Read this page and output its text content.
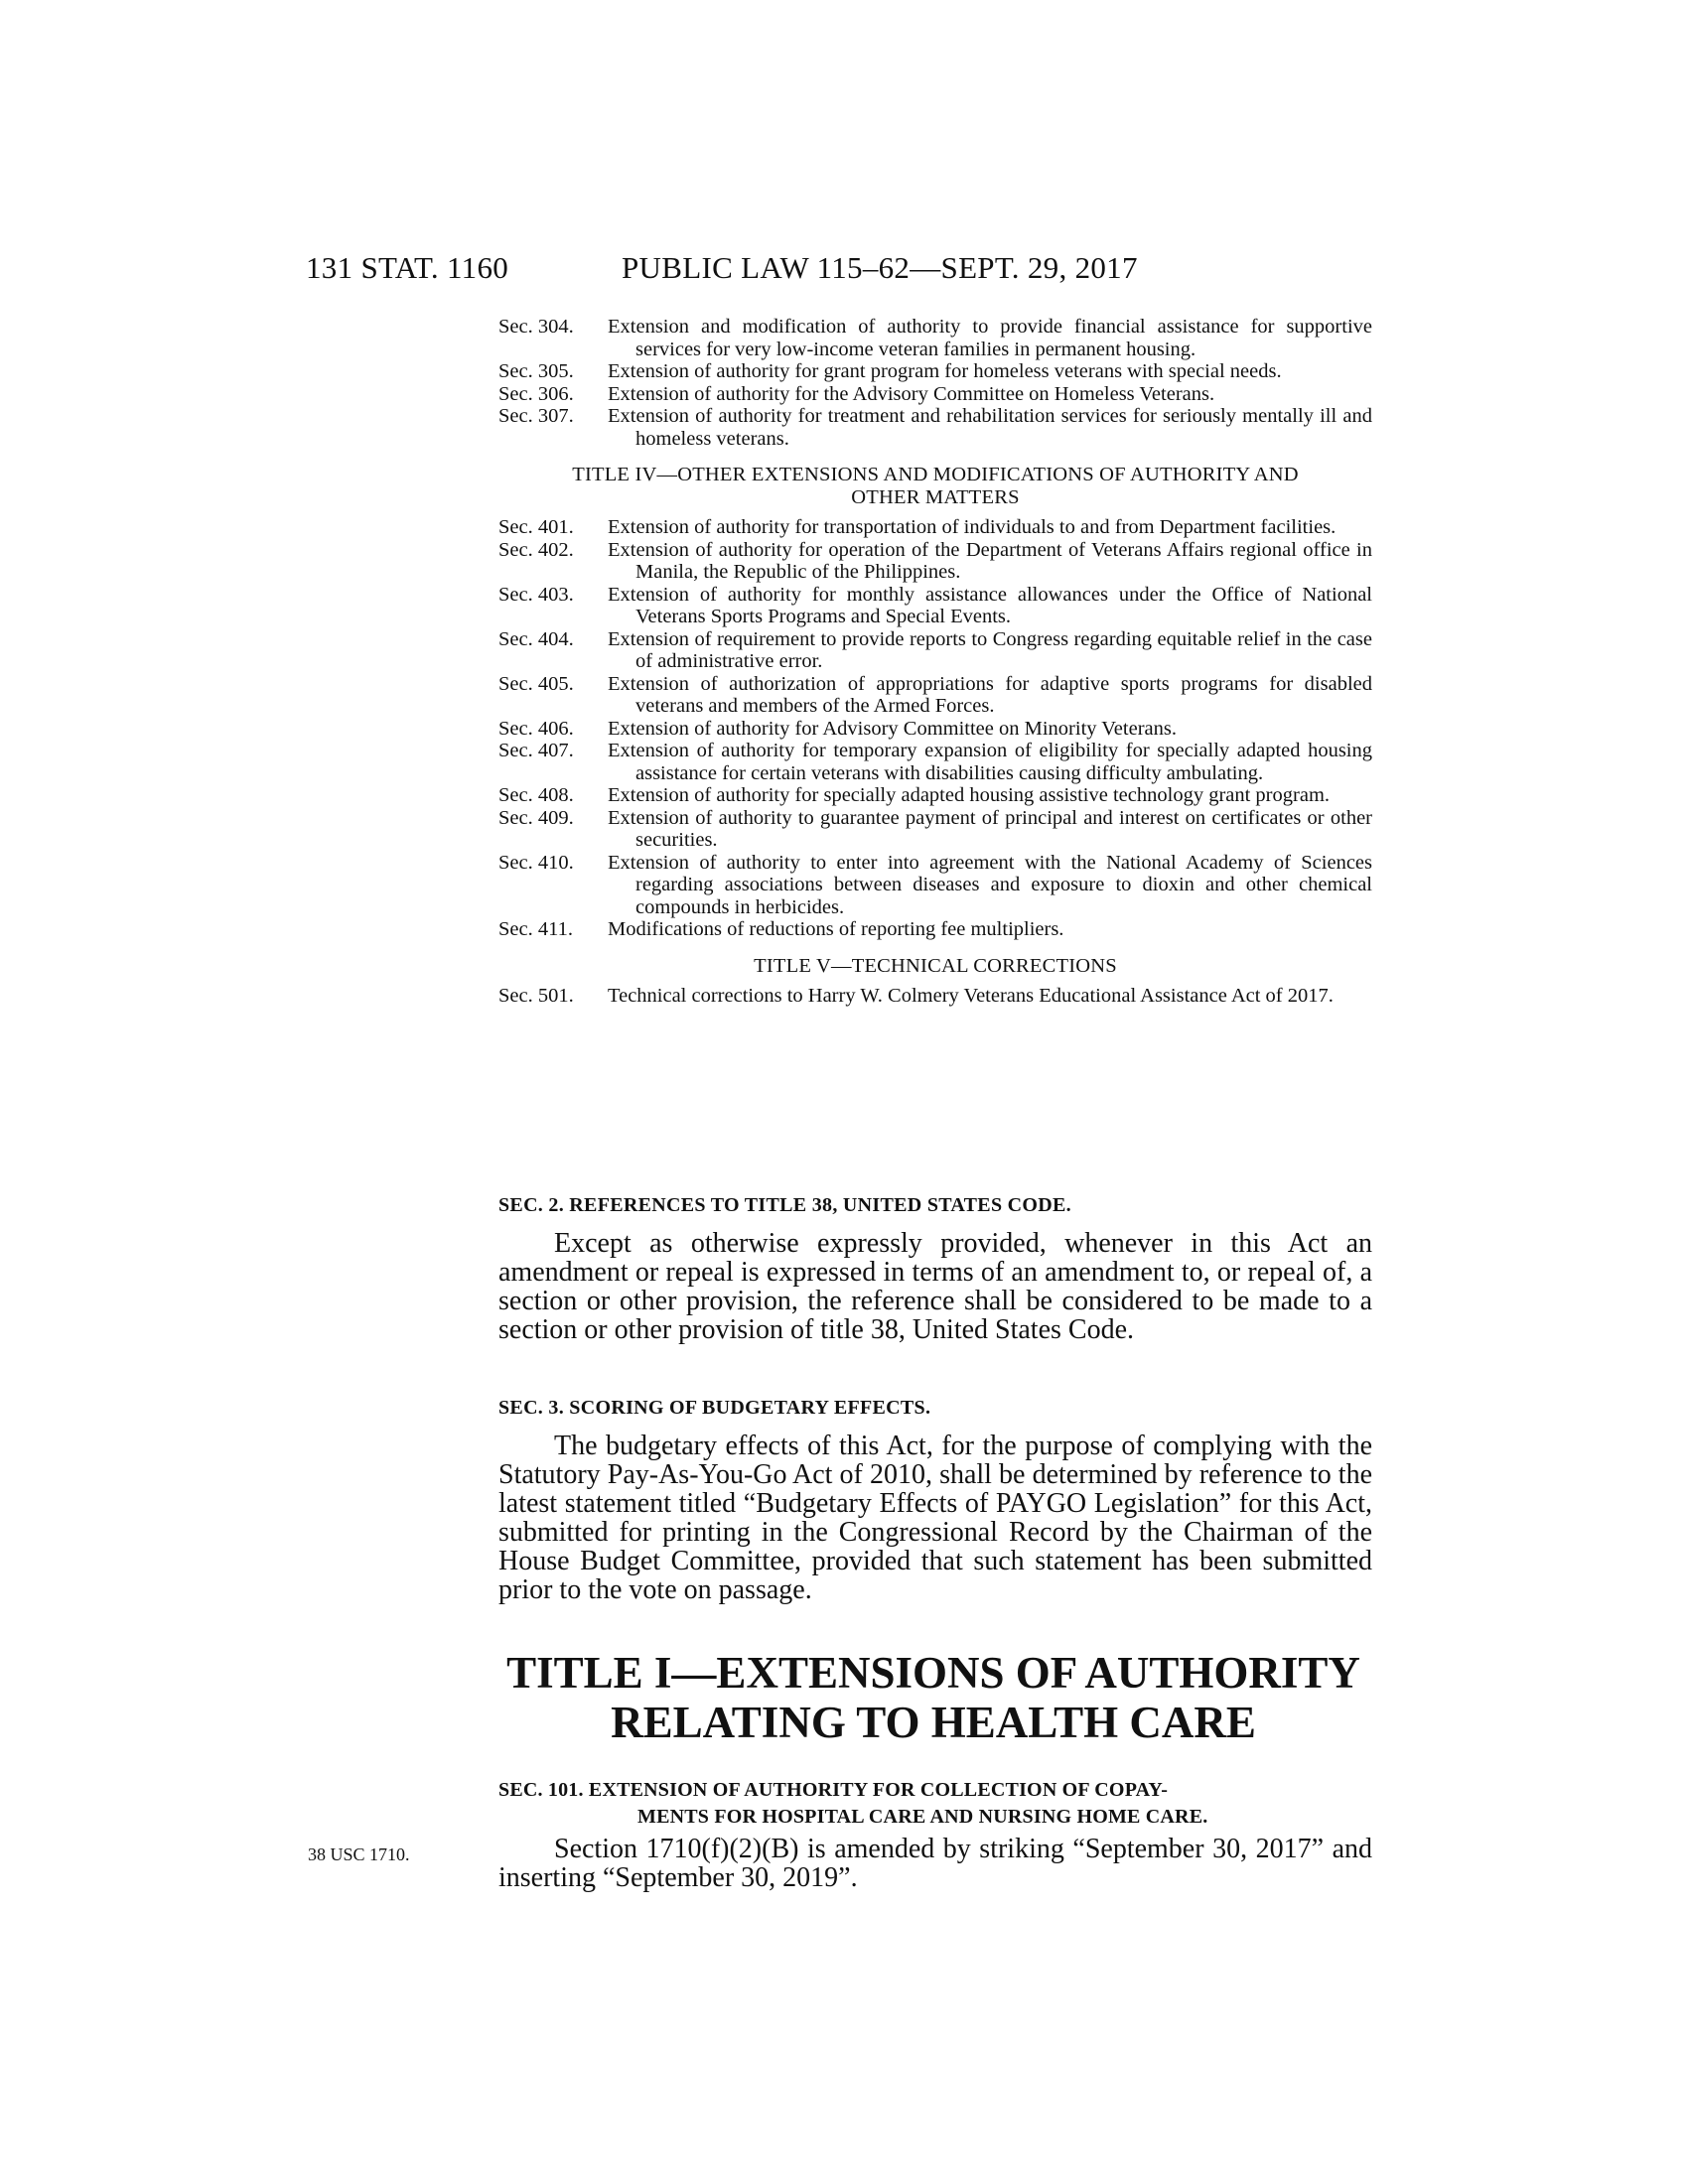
131 STAT. 1160	PUBLIC LAW 115–62—SEPT. 29, 2017
Sec. 304.	Extension and modification of authority to provide financial assistance for supportive services for very low-income veteran families in permanent housing.
Sec. 305.	Extension of authority for grant program for homeless veterans with special needs.
Sec. 306.	Extension of authority for the Advisory Committee on Homeless Veterans.
Sec. 307.	Extension of authority for treatment and rehabilitation services for seriously mentally ill and homeless veterans.
TITLE IV—OTHER EXTENSIONS AND MODIFICATIONS OF AUTHORITY AND
OTHER MATTERS
Sec. 401.	Extension of authority for transportation of individuals to and from Department facilities.
Sec. 402.	Extension of authority for operation of the Department of Veterans Affairs regional office in Manila, the Republic of the Philippines.
Sec. 403.	Extension of authority for monthly assistance allowances under the Office of National Veterans Sports Programs and Special Events.
Sec. 404.	Extension of requirement to provide reports to Congress regarding equitable relief in the case of administrative error.
Sec. 405.	Extension of authorization of appropriations for adaptive sports programs for disabled veterans and members of the Armed Forces.
Sec. 406.	Extension of authority for Advisory Committee on Minority Veterans.
Sec. 407.	Extension of authority for temporary expansion of eligibility for specially adapted housing assistance for certain veterans with disabilities causing difficulty ambulating.
Sec. 408.	Extension of authority for specially adapted housing assistive technology grant program.
Sec. 409.	Extension of authority to guarantee payment of principal and interest on certificates or other securities.
Sec. 410.	Extension of authority to enter into agreement with the National Academy of Sciences regarding associations between diseases and exposure to dioxin and other chemical compounds in herbicides.
Sec. 411.	Modifications of reductions of reporting fee multipliers.
TITLE V—TECHNICAL CORRECTIONS
Sec. 501.	Technical corrections to Harry W. Colmery Veterans Educational Assistance Act of 2017.
SEC. 2. REFERENCES TO TITLE 38, UNITED STATES CODE.
Except as otherwise expressly provided, whenever in this Act an amendment or repeal is expressed in terms of an amendment to, or repeal of, a section or other provision, the reference shall be considered to be made to a section or other provision of title 38, United States Code.
SEC. 3. SCORING OF BUDGETARY EFFECTS.
The budgetary effects of this Act, for the purpose of complying with the Statutory Pay-As-You-Go Act of 2010, shall be determined by reference to the latest statement titled “Budgetary Effects of PAYGO Legislation” for this Act, submitted for printing in the Congressional Record by the Chairman of the House Budget Committee, provided that such statement has been submitted prior to the vote on passage.
TITLE I—EXTENSIONS OF AUTHORITY
RELATING TO HEALTH CARE
SEC. 101. EXTENSION OF AUTHORITY FOR COLLECTION OF COPAY-
MENTS FOR HOSPITAL CARE AND NURSING HOME CARE.
38 USC 1710.	Section 1710(f)(2)(B) is amended by striking “September 30, 2017” and inserting “September 30, 2019”.
